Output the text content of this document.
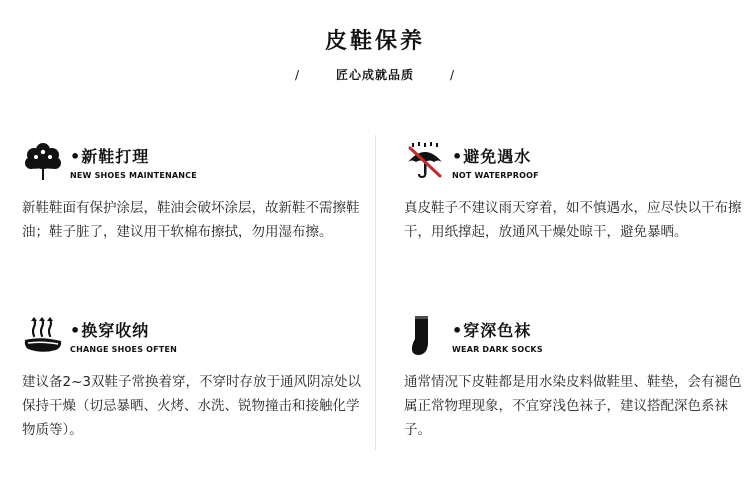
皮鞋保养
/	匠心成就品质	/
•新鞋打理
NEW SHOES MAINTENANCE
新鞋鞋面有保护涂层，鞋油会破坏涂层，故新鞋不需擦鞋油；鞋子脏了，建议用干软棉布擦拭，勿用湿布擦。
•避免遇水
NOT WATERPROOF
真皮鞋子不建议雨天穿着，如不慎遇水，应尽快以干布擦干，用纸撑起，放通风干燥处晾干，避免暴晒。
•换穿收纳
CHANGE SHOES OFTEN
建议备2~3双鞋子常换着穿，不穿时存放于通风阴凉处以保持干燥（切忌暴晒、火烤、水洗、锐物撞击和接触化学物质等）。
•穿深色袜
WEAR DARK SOCKS
通常情况下皮鞋都是用水染皮料做鞋里、鞋垫，会有褪色属正常物理现象，不宜穿浅色袜子，建议搭配深色系袜子。
